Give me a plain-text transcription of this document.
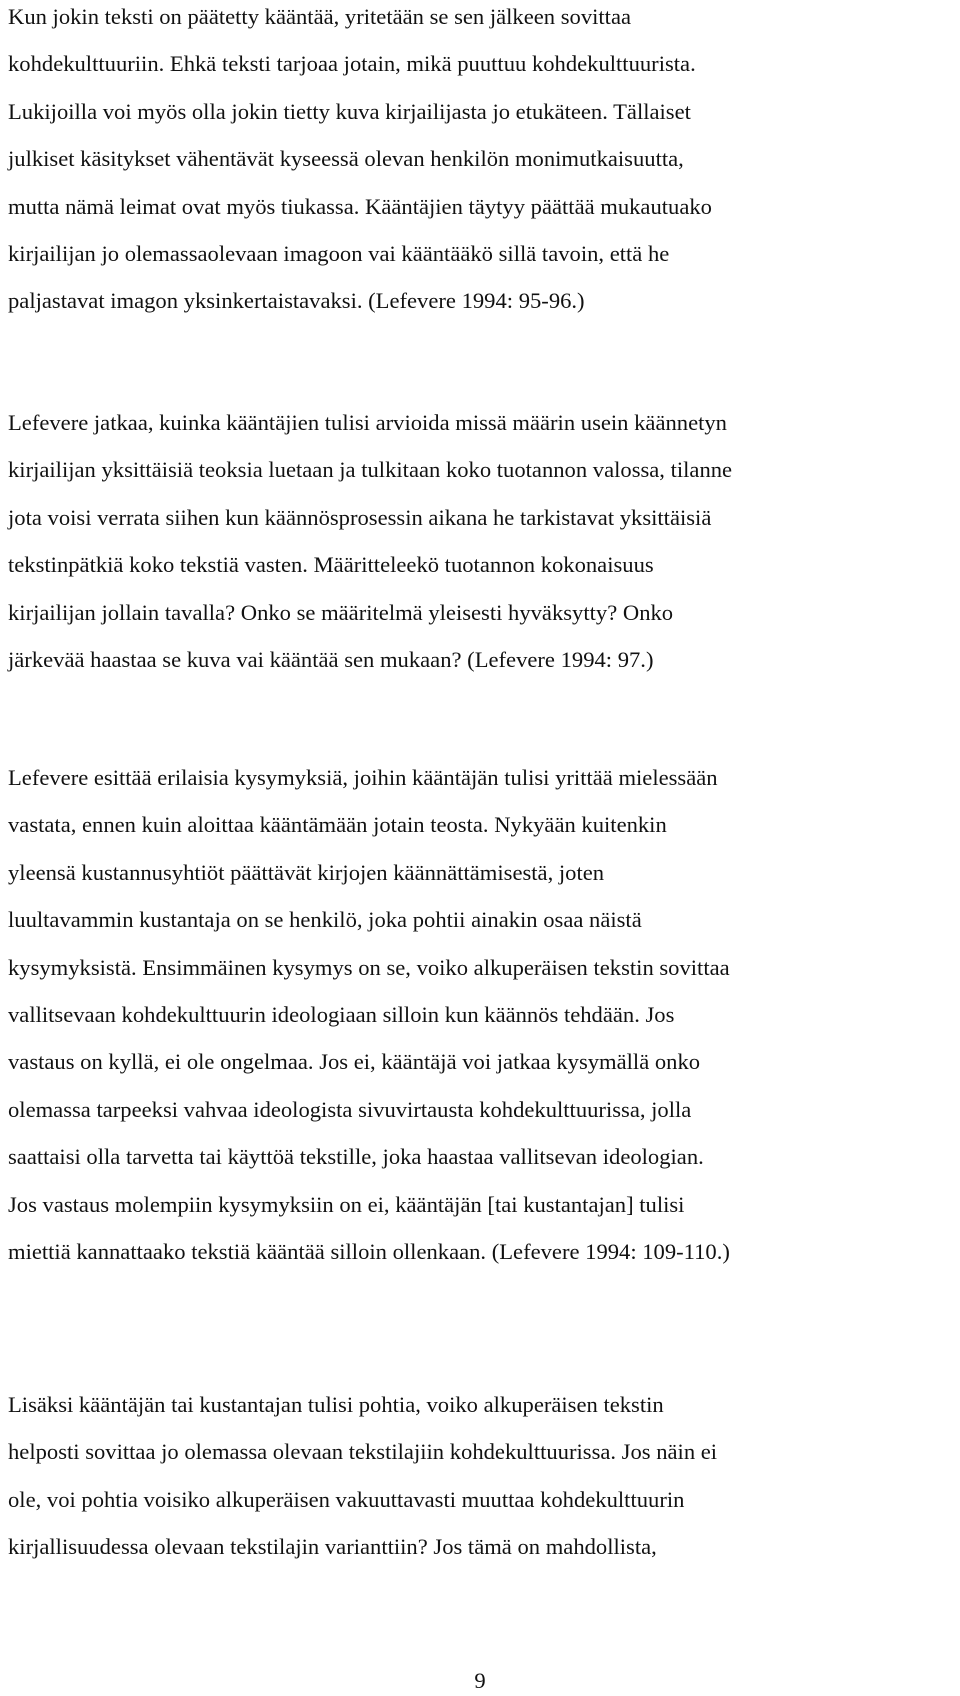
Kun jokin teksti on päätetty kääntää, yritetään se sen jälkeen sovittaa
kohdekulttuuriin. Ehkä teksti tarjoaa jotain, mikä puuttuu kohdekulttuurista.
Lukijoilla voi myös olla jokin tietty kuva kirjailijasta jo etukäteen. Tällaiset
julkiset käsitykset vähentävät kyseessä olevan henkilön monimutkaisuutta,
mutta nämä leimat ovat myös tiukassa. Kääntäjien täytyy päättää mukautuako
kirjailijan jo olemassaolevaan imagoon vai kääntääkö sillä tavoin, että he
paljastavat imagon yksinkertaistavaksi. (Lefevere 1994: 95-96.)
Lefevere jatkaa, kuinka kääntäjien tulisi arvioida missä määrin usein käännetyn
kirjailijan yksittäisiä teoksia luetaan ja tulkitaan koko tuotannon valossa, tilanne
jota voisi verrata siihen kun käännösprosessin aikana he tarkistavat yksittäisiä
tekstinpätkiä koko tekstiä vasten. Määritteleekö tuotannon kokonaisuus
kirjailijan jollain tavalla? Onko se määritelmä yleisesti hyväksytty? Onko
järkevää haastaa se kuva vai kääntää sen mukaan? (Lefevere 1994: 97.)
Lefevere esittää erilaisia kysymyksiä, joihin kääntäjän tulisi yrittää mielessään
vastata, ennen kuin aloittaa kääntämään jotain teosta. Nykyään kuitenkin
yleensä kustannusyhtiöt päättävät kirjojen käännättämisestä, joten
luultavammin kustantaja on se henkilö, joka pohtii ainakin osaa näistä
kysymyksistä. Ensimmäinen kysymys on se, voiko alkuperäisen tekstin sovittaa
vallitsevaan kohdekulttuurin ideologiaan silloin kun käännös tehdään. Jos
vastaus on kyllä, ei ole ongelmaa. Jos ei, kääntäjä voi jatkaa kysymällä onko
olemassa tarpeeksi vahvaa ideologista sivuvirtausta kohdekulttuurissa, jolla
saattaisi olla tarvetta tai käyttöä tekstille, joka haastaa vallitsevan ideologian.
Jos vastaus molempiin kysymyksiin on ei, kääntäjän [tai kustantajan] tulisi
miettiä kannattaako tekstiä kääntää silloin ollenkaan. (Lefevere 1994: 109-110.)
Lisäksi kääntäjän tai kustantajan tulisi pohtia, voiko alkuperäisen tekstin
helposti sovittaa jo olemassa olevaan tekstilajiin kohdekulttuurissa. Jos näin ei
ole, voi pohtia voisiko alkuperäisen vakuuttavasti muuttaa kohdekulttuurin
kirjallisuudessa olevaan tekstilajin varianttiin? Jos tämä on mahdollista,
9
